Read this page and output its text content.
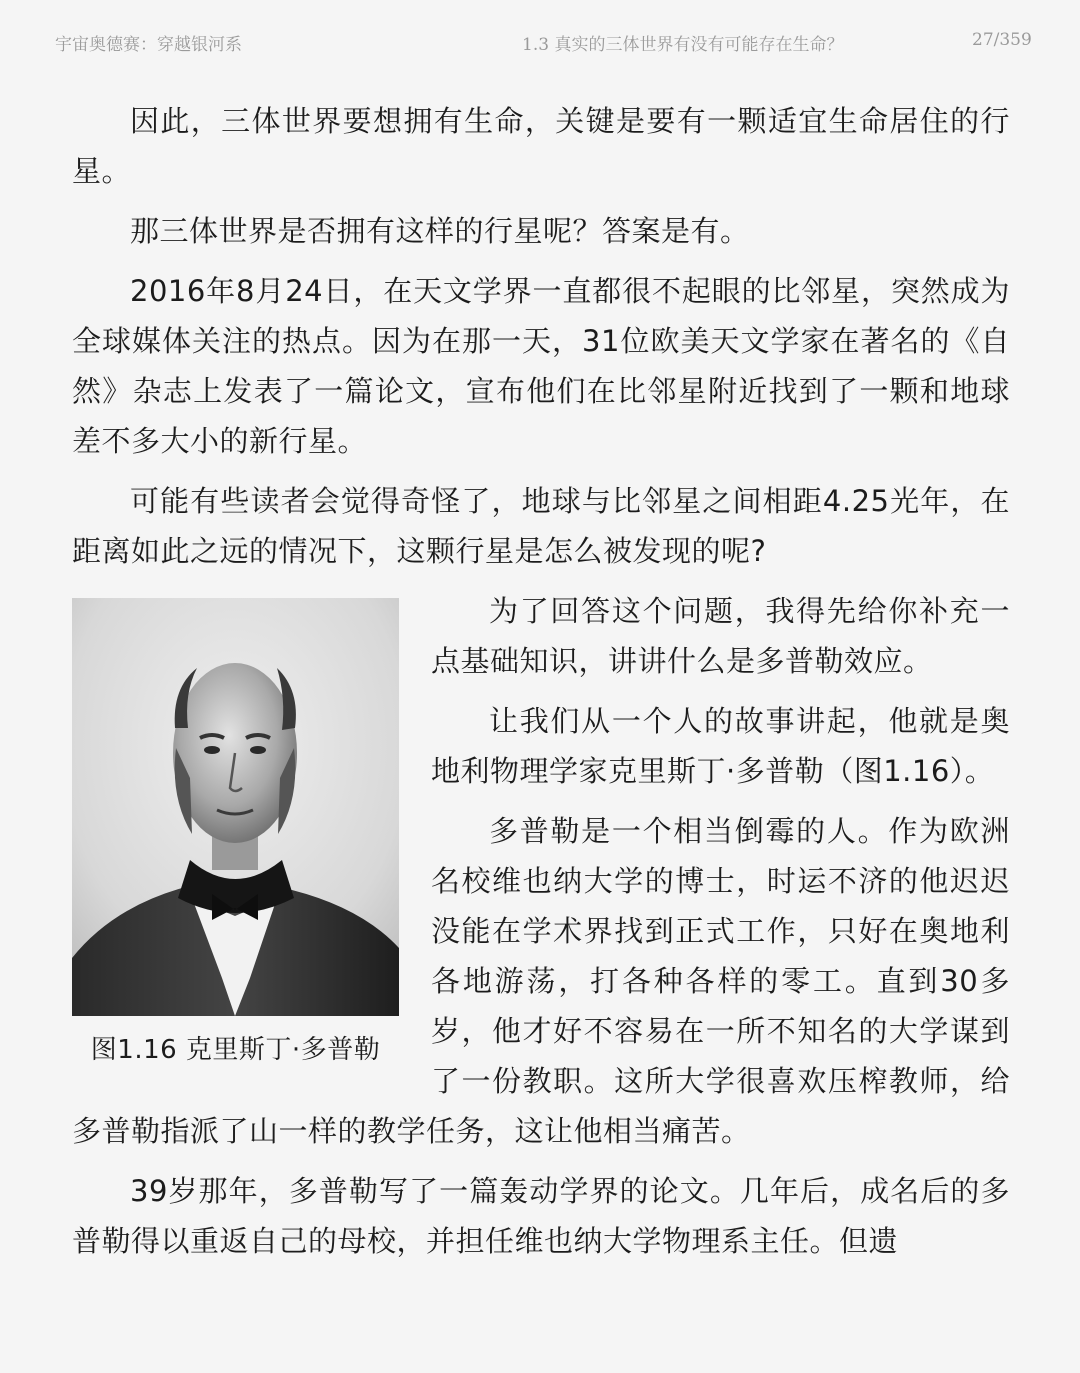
宇宙奥德赛：穿越银河系	1.3 真实的三体世界有没有可能存在生命？	27/359

因此，三体世界要想拥有生命，关键是要有一颗适宜生命居住的行星。

那三体世界是否拥有这样的行星呢？答案是有。

2016年8月24日，在天文学界一直都很不起眼的比邻星，突然成为全球媒体关注的热点。因为在那一天，31位欧美天文学家在著名的《自然》杂志上发表了一篇论文，宣布他们在比邻星附近找到了一颗和地球差不多大小的新行星。

可能有些读者会觉得奇怪了，地球与比邻星之间相距4.25光年，在距离如此之远的情况下，这颗行星是怎么被发现的呢?

图1.16 克里斯丁·多普勒

为了回答这个问题，我得先给你补充一点基础知识，讲讲什么是多普勒效应。

让我们从一个人的故事讲起，他就是奥地利物理学家克里斯丁·多普勒（图1.16）。

多普勒是一个相当倒霉的人。作为欧洲名校维也纳大学的博士，时运不济的他迟迟没能在学术界找到正式工作，只好在奥地利各地游荡，打各种各样的零工。直到30多岁，他才好不容易在一所不知名的大学谋到了一份教职。这所大学很喜欢压榨教师，给多普勒指派了山一样的教学任务，这让他相当痛苦。

39岁那年，多普勒写了一篇轰动学界的论文。几年后，成名后的多普勒得以重返自己的母校，并担任维也纳大学物理系主任。但遗
